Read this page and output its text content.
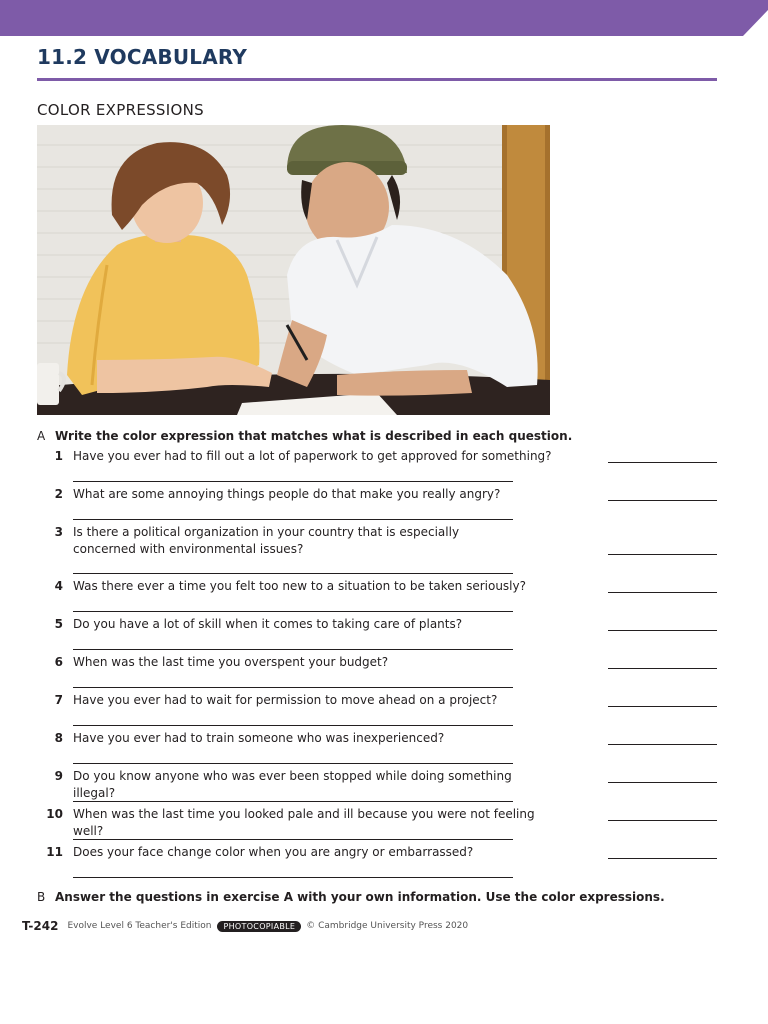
11.2 VOCABULARY
COLOR EXPRESSIONS
A Write the color expression that matches what is described in each question.
1 Have you ever had to fill out a lot of paperwork to get approved for something?
2 What are some annoying things people do that make you really angry?
3 Is there a political organization in your country that is especially concerned with environmental issues?
4 Was there ever a time you felt too new to a situation to be taken seriously?
5 Do you have a lot of skill when it comes to taking care of plants?
6 When was the last time you overspent your budget?
7 Have you ever had to wait for permission to move ahead on a project?
8 Have you ever had to train someone who was inexperienced?
9 Do you know anyone who was ever been stopped while doing something illegal?
10 When was the last time you looked pale and ill because you were not feeling well?
11 Does your face change color when you are angry or embarrassed?
B Answer the questions in exercise A with your own information. Use the color expressions.
T-242 Evolve Level 6 Teacher's Edition	PHOTOCOPIABLE	© Cambridge University Press 2020
